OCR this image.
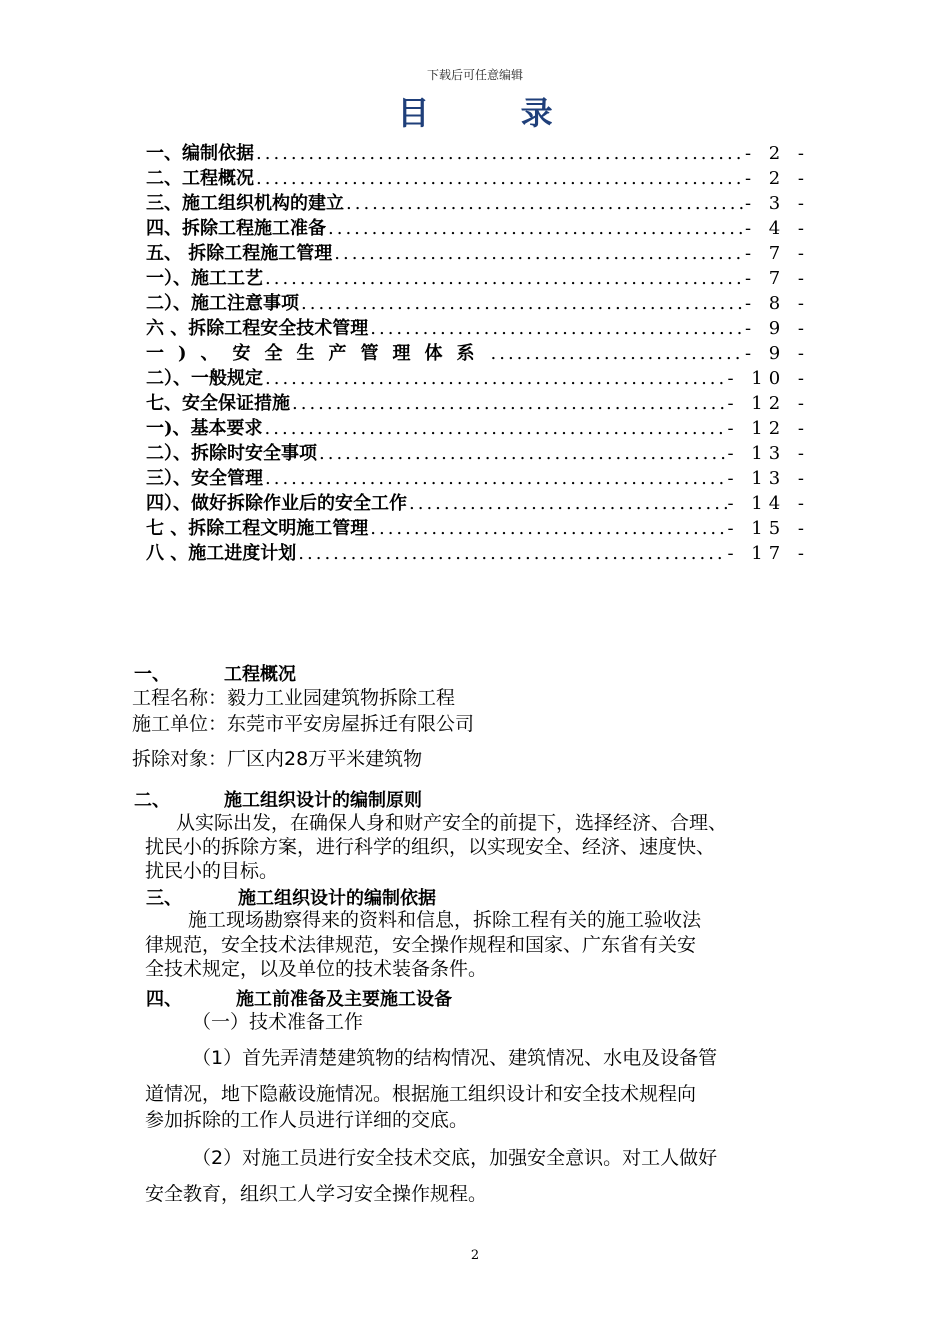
下载后可任意编辑
目 录
一、编制依据 .....	- 2 -
二、工程概况 .....	- 2 -
三、施工组织机构的建立 .....	- 3 -
四、拆除工程施工准备 .....	- 4 -
五、 拆除工程施工管理 .....	- 7 -
一）、施工工艺 .....	- 7 -
二）、施工注意事项 .....	- 8 -
六 、拆除工程安全技术管理 .....	- 9 -
一)、安全生产管理体系 .....	- 9 -
二）、一般规定 .....	- 10 -
七、安全保证措施 .....	- 12 -
一)、基本要求 .....	- 12 -
二）、拆除时安全事项 .....	- 13 -
三）、安全管理 .....	- 13 -
四）、做好拆除作业后的安全工作 .....	- 14 -
七 、拆除工程文明施工管理 .....	- 15 -
八 、施工进度计划 .....	- 17 -
一、	工程概况
工程名称：毅力工业园建筑物拆除工程
施工单位：东莞市平安房屋拆迁有限公司
拆除对象：厂区内28万平米建筑物
二、	施工组织设计的编制原则
从实际出发，在确保人身和财产安全的前提下，选择经济、合理、
扰民小的拆除方案，进行科学的组织，以实现安全、经济、速度快、
扰民小的目标。
三、	施工组织设计的编制依据
施工现场勘察得来的资料和信息，拆除工程有关的施工验收法
律规范，安全技术法律规范，安全操作规程和国家、广东省有关安
全技术规定，以及单位的技术装备条件。
四、	施工前准备及主要施工设备
（一）技术准备工作
（1）首先弄清楚建筑物的结构情况、建筑情况、水电及设备管
道情况，地下隐蔽设施情况。根据施工组织设计和安全技术规程向
参加拆除的工作人员进行详细的交底。
（2）对施工员进行安全技术交底，加强安全意识。对工人做好
安全教育，组织工人学习安全操作规程。
2
